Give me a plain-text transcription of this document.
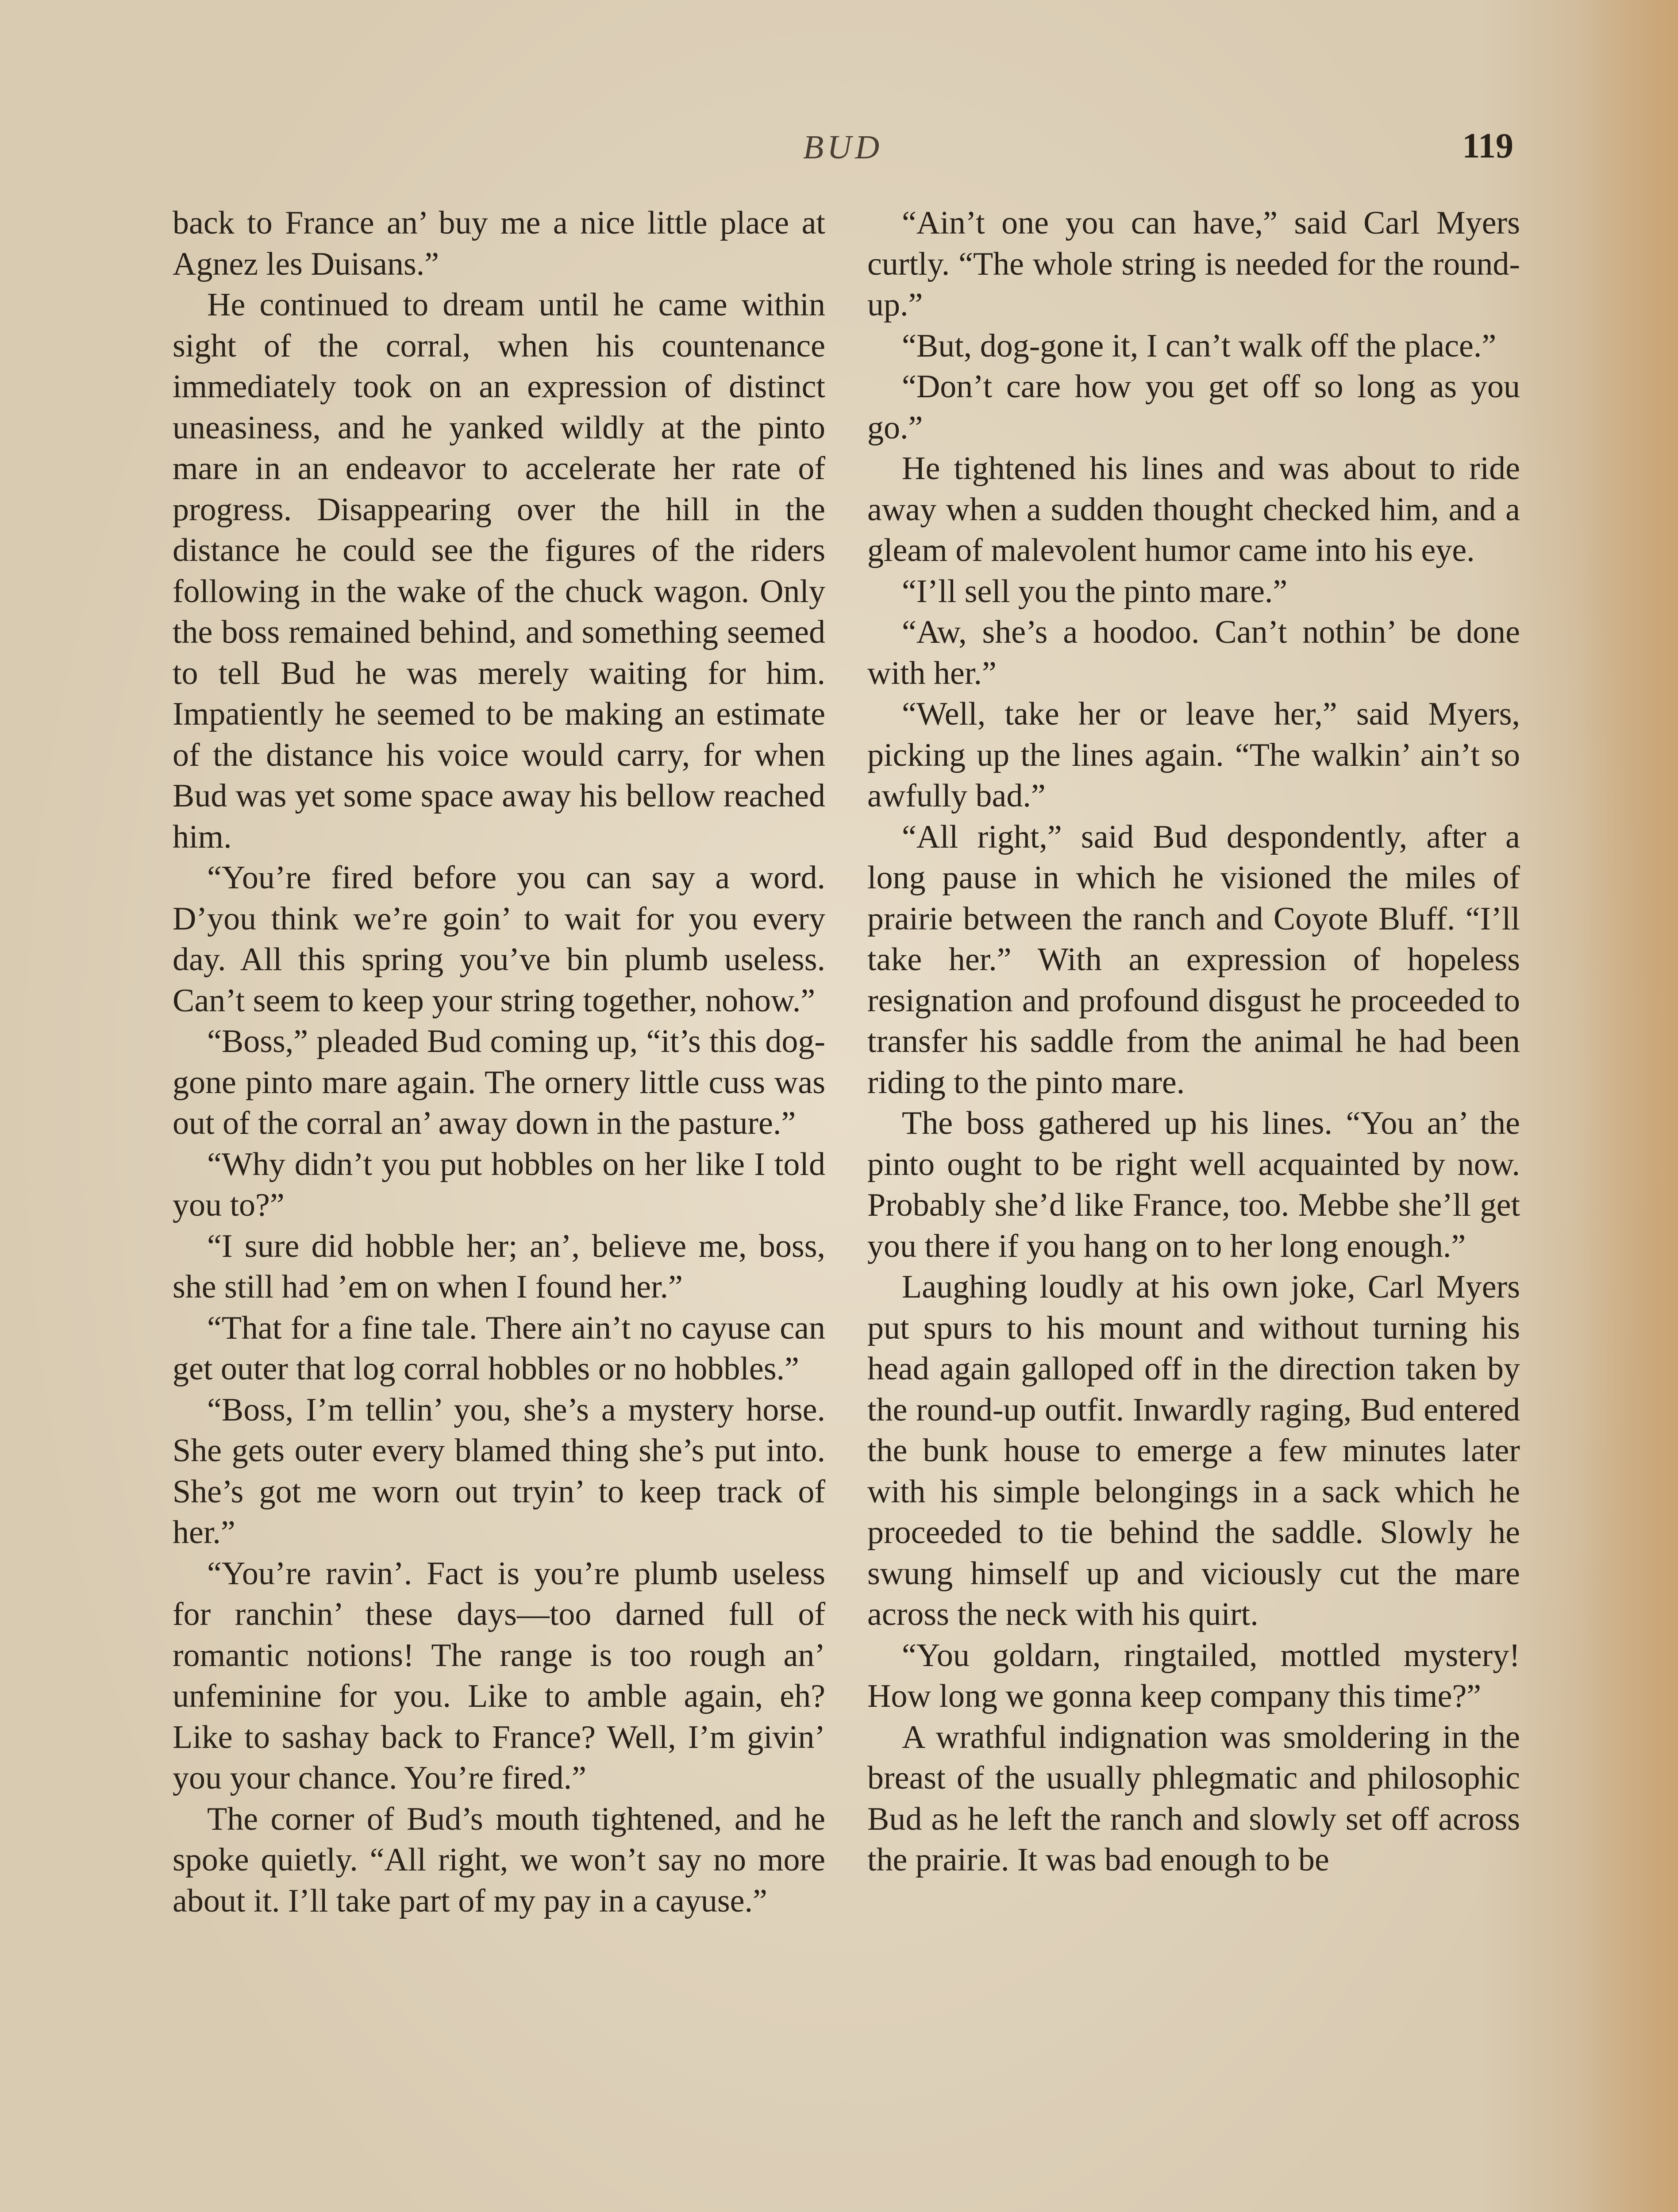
BUD	119

back to France an’ buy me a nice little place at Agnez les Duisans.”

He continued to dream until he came within sight of the corral, when his countenance immediately took on an expression of distinct uneasiness, and he yanked wildly at the pinto mare in an endeavor to accelerate her rate of progress. Disappearing over the hill in the distance he could see the figures of the riders following in the wake of the chuck wagon. Only the boss remained behind, and something seemed to tell Bud he was merely waiting for him. Impatiently he seemed to be making an estimate of the distance his voice would carry, for when Bud was yet some space away his bellow reached him.

“You’re fired before you can say a word. D’you think we’re goin’ to wait for you every day. All this spring you’ve bin plumb useless. Can’t seem to keep your string together, nohow.”

“Boss,” pleaded Bud coming up, “it’s this dog-gone pinto mare again. The ornery little cuss was out of the corral an’ away down in the pasture.”

“Why didn’t you put hobbles on her like I told you to?”

“I sure did hobble her; an’, believe me, boss, she still had ’em on when I found her.”

“That for a fine tale. There ain’t no cayuse can get outer that log corral hobbles or no hobbles.”

“Boss, I’m tellin’ you, she’s a mystery horse. She gets outer every blamed thing she’s put into. She’s got me worn out tryin’ to keep track of her.”

“You’re ravin’. Fact is you’re plumb useless for ranchin’ these days—too darned full of romantic notions! The range is too rough an’ unfeminine for you. Like to amble again, eh? Like to sashay back to France? Well, I’m givin’ you your chance. You’re fired.”

The corner of Bud’s mouth tightened, and he spoke quietly. “All right, we won’t say no more about it. I’ll take part of my pay in a cayuse.”

“Ain’t one you can have,” said Carl Myers curtly. “The whole string is needed for the round-up.”

“But, dog-gone it, I can’t walk off the place.”

“Don’t care how you get off so long as you go.”

He tightened his lines and was about to ride away when a sudden thought checked him, and a gleam of malevolent humor came into his eye.

“I’ll sell you the pinto mare.”

“Aw, she’s a hoodoo. Can’t nothin’ be done with her.”

“Well, take her or leave her,” said Myers, picking up the lines again. “The walkin’ ain’t so awfully bad.”

“All right,” said Bud despondently, after a long pause in which he visioned the miles of prairie between the ranch and Coyote Bluff. “I’ll take her.” With an expression of hopeless resignation and profound disgust he proceeded to transfer his saddle from the animal he had been riding to the pinto mare.

The boss gathered up his lines. “You an’ the pinto ought to be right well acquainted by now. Probably she’d like France, too. Mebbe she’ll get you there if you hang on to her long enough.”

Laughing loudly at his own joke, Carl Myers put spurs to his mount and without turning his head again galloped off in the direction taken by the round-up outfit. Inwardly raging, Bud entered the bunk house to emerge a few minutes later with his simple belongings in a sack which he proceeded to tie behind the saddle. Slowly he swung himself up and viciously cut the mare across the neck with his quirt.

“You goldarn, ringtailed, mottled mystery! How long we gonna keep company this time?”

A wrathful indignation was smoldering in the breast of the usually phlegmatic and philosophic Bud as he left the ranch and slowly set off across the prairie. It was bad enough to be
